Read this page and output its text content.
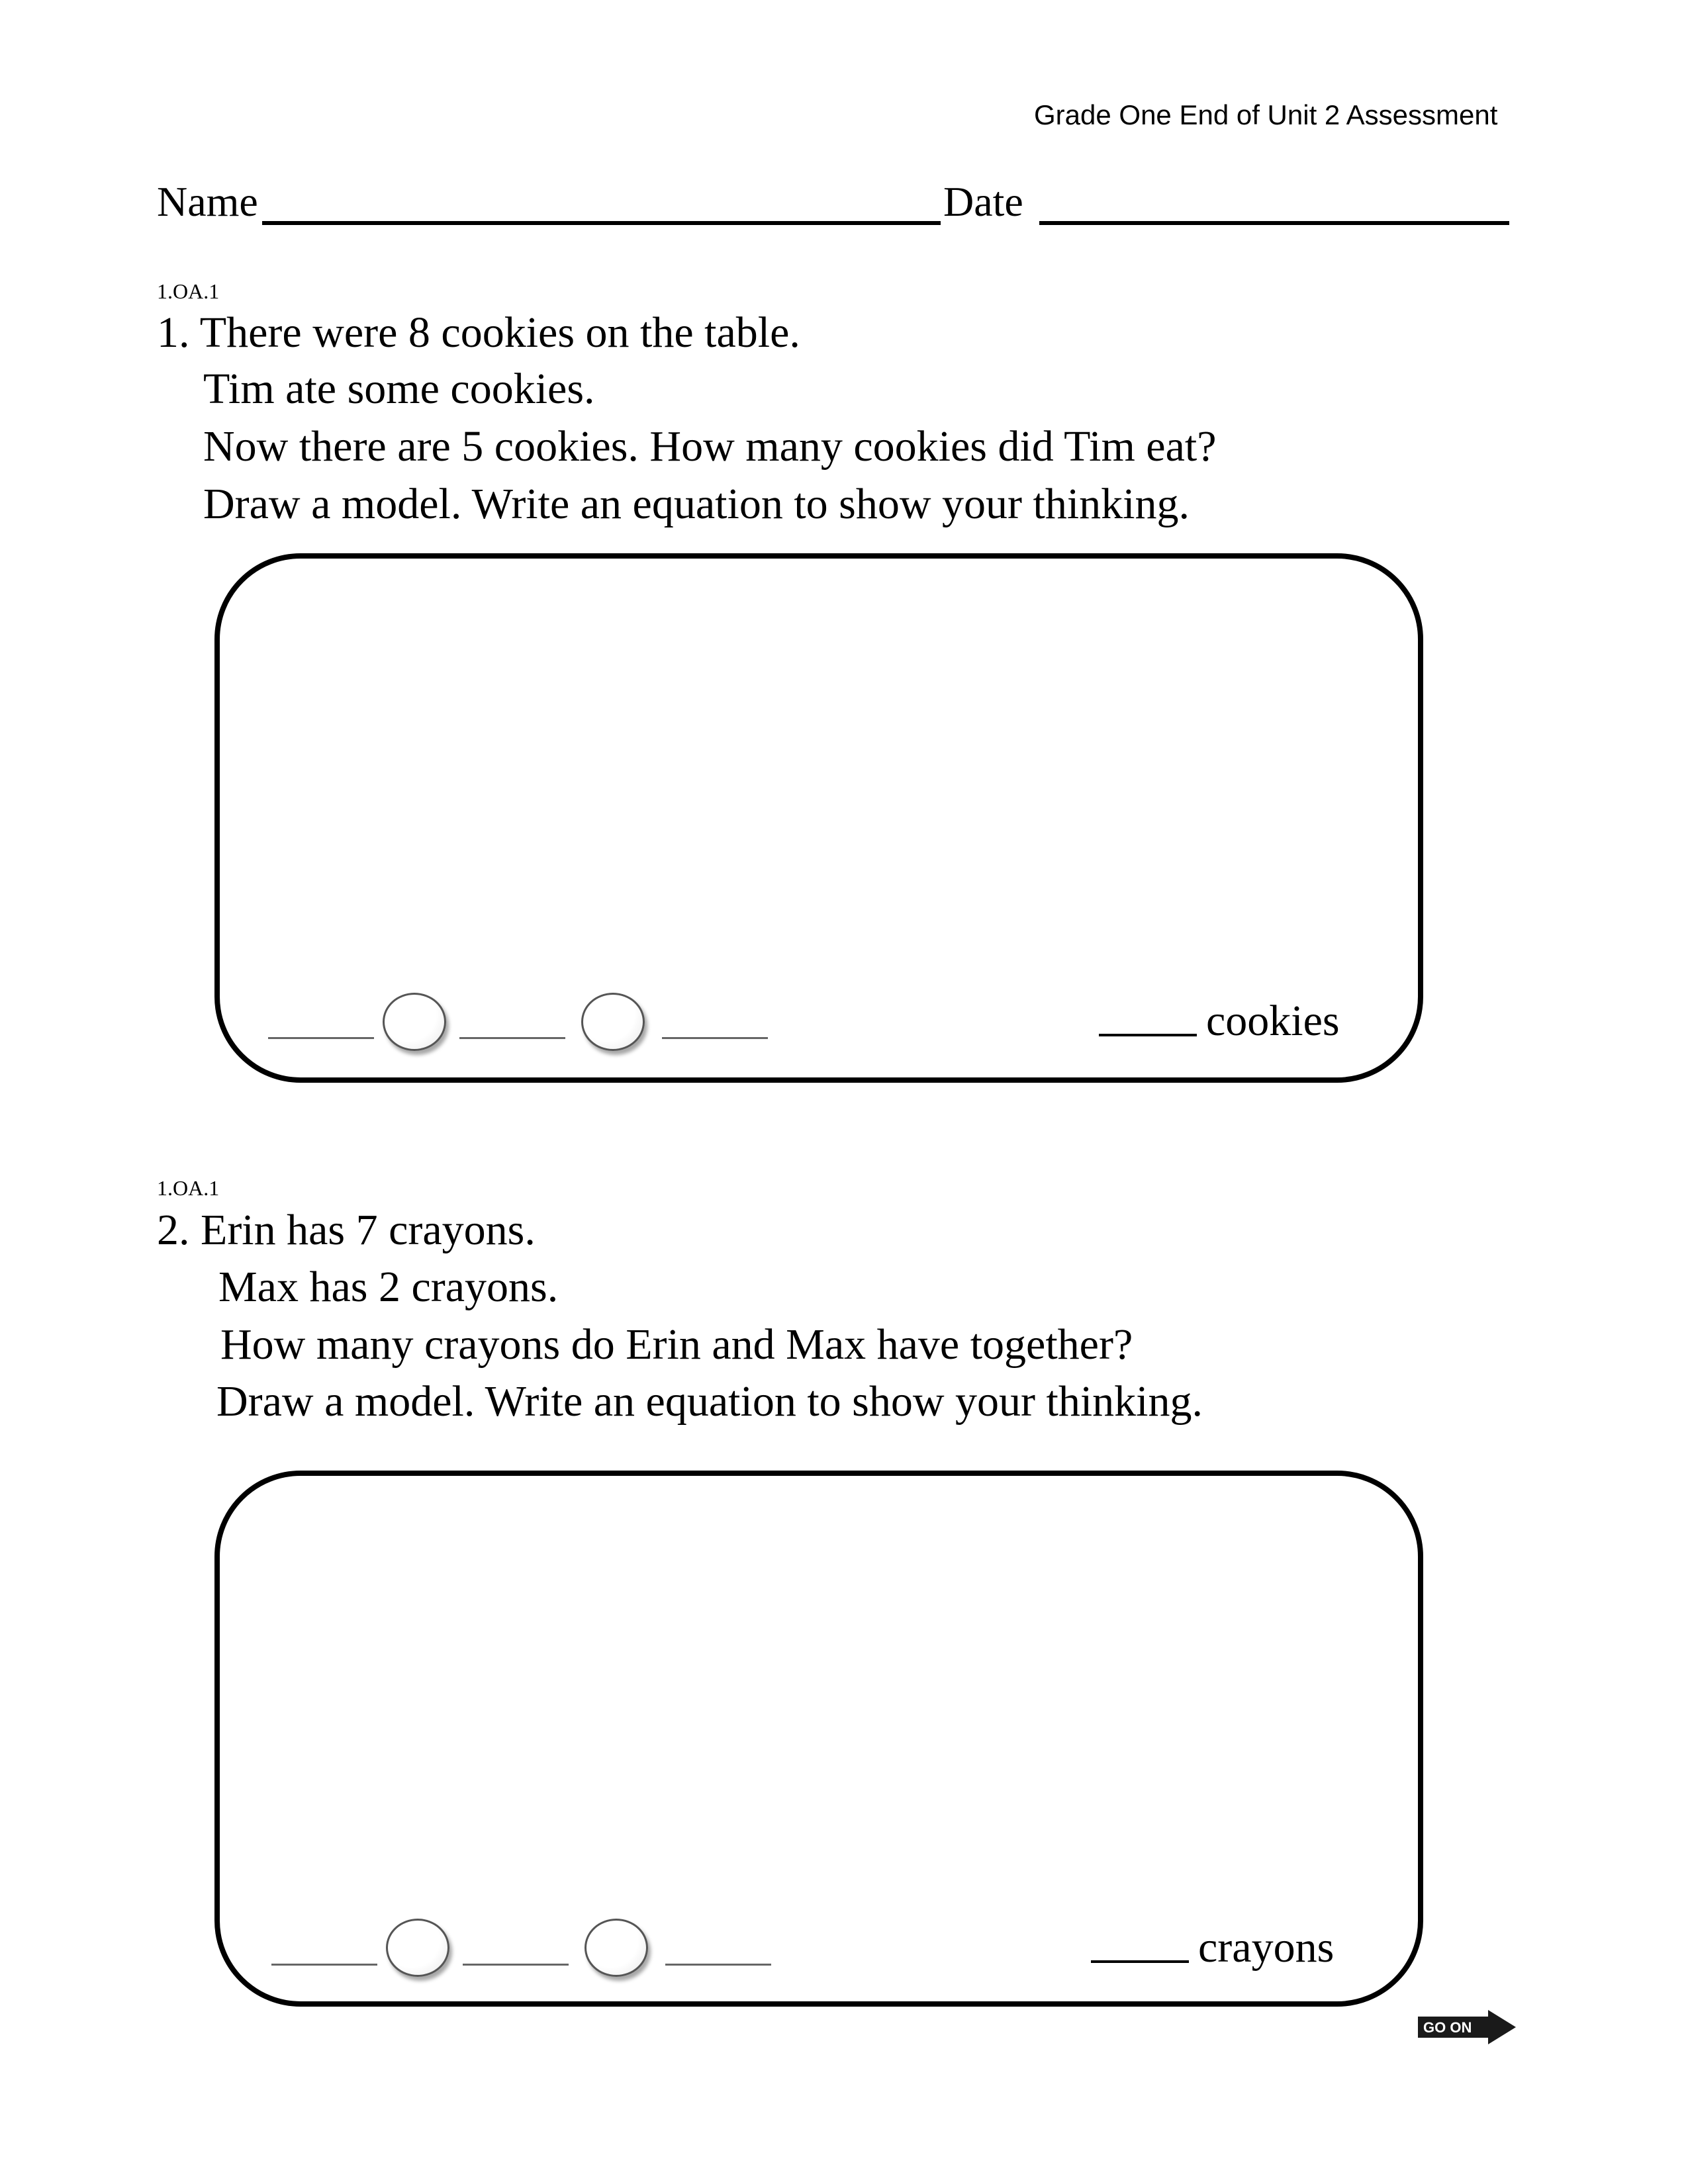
Grade One End of Unit 2 Assessment
Name	Date
1.OA.1
1. There were 8 cookies on the table.
Tim ate some cookies.
Now there are 5 cookies. How many cookies did Tim eat?
Draw a model. Write an equation to show your thinking.
cookies
1.OA.1
2. Erin has 7 crayons.
Max has 2 crayons.
How many crayons do Erin and Max have together?
Draw a model. Write an equation to show your thinking.
crayons
GO ON
